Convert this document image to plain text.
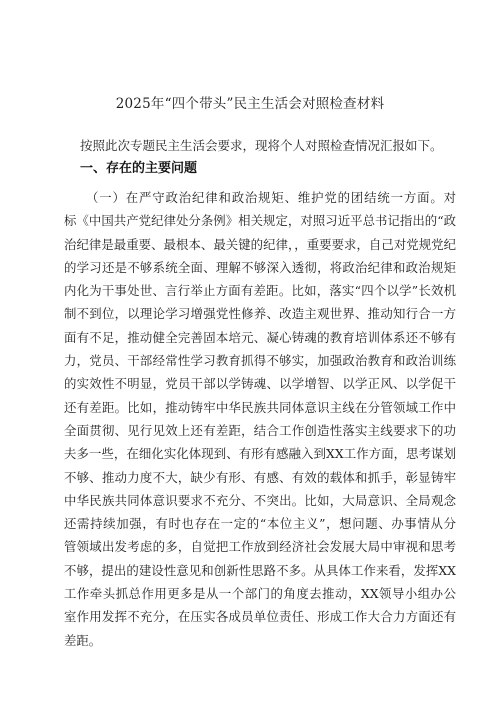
2025年“四个带头”民主生活会对照检查材料
按照此次专题民主生活会要求，现将个人对照检查情况汇报如下。
一、存在的主要问题
（一）在严守政治纪律和政治规矩、维护党的团结统一方面。对
标《中国共产党纪律处分条例》相关规定，对照习近平总书记指出的“政
治纪律是最重要、最根本、最关键的纪律，，重要要求，自己对党规党纪
的学习还是不够系统全面、理解不够深入透彻，将政治纪律和政治规矩
内化为干事处世、言行举止方面有差距。比如，落实“四个以学”长效机
制不到位，以理论学习增强党性修养、改造主观世界、推动知行合一方
面有不足，推动健全完善固本培元、凝心铸魂的教育培训体系还不够有
力，党员、干部经常性学习教育抓得不够实，加强政治教育和政治训练
的实效性不明显，党员干部以学铸魂、以学增智、以学正风、以学促干
还有差距。比如，推动铸牢中华民族共同体意识主线在分管领域工作中
全面贯彻、见行见效上还有差距，结合工作创造性落实主线要求下的功
夫多一些，在细化实化体现到、有形有感融入到XX工作方面，思考谋划
不够、推动力度不大，缺少有形、有感、有效的载体和抓手，彰显铸牢
中华民族共同体意识要求不充分、不突出。比如，大局意识、全局观念
还需持续加强，有时也存在一定的“本位主义”，想问题、办事情从分
管领域出发考虑的多，自觉把工作放到经济社会发展大局中审视和思考
不够，提出的建设性意见和创新性思路不多。从具体工作来看，发挥XX
工作牵头抓总作用更多是从一个部门的角度去推动，XX领导小组办公
室作用发挥不充分，在压实各成员单位责任、形成工作大合力方面还有
差距。
